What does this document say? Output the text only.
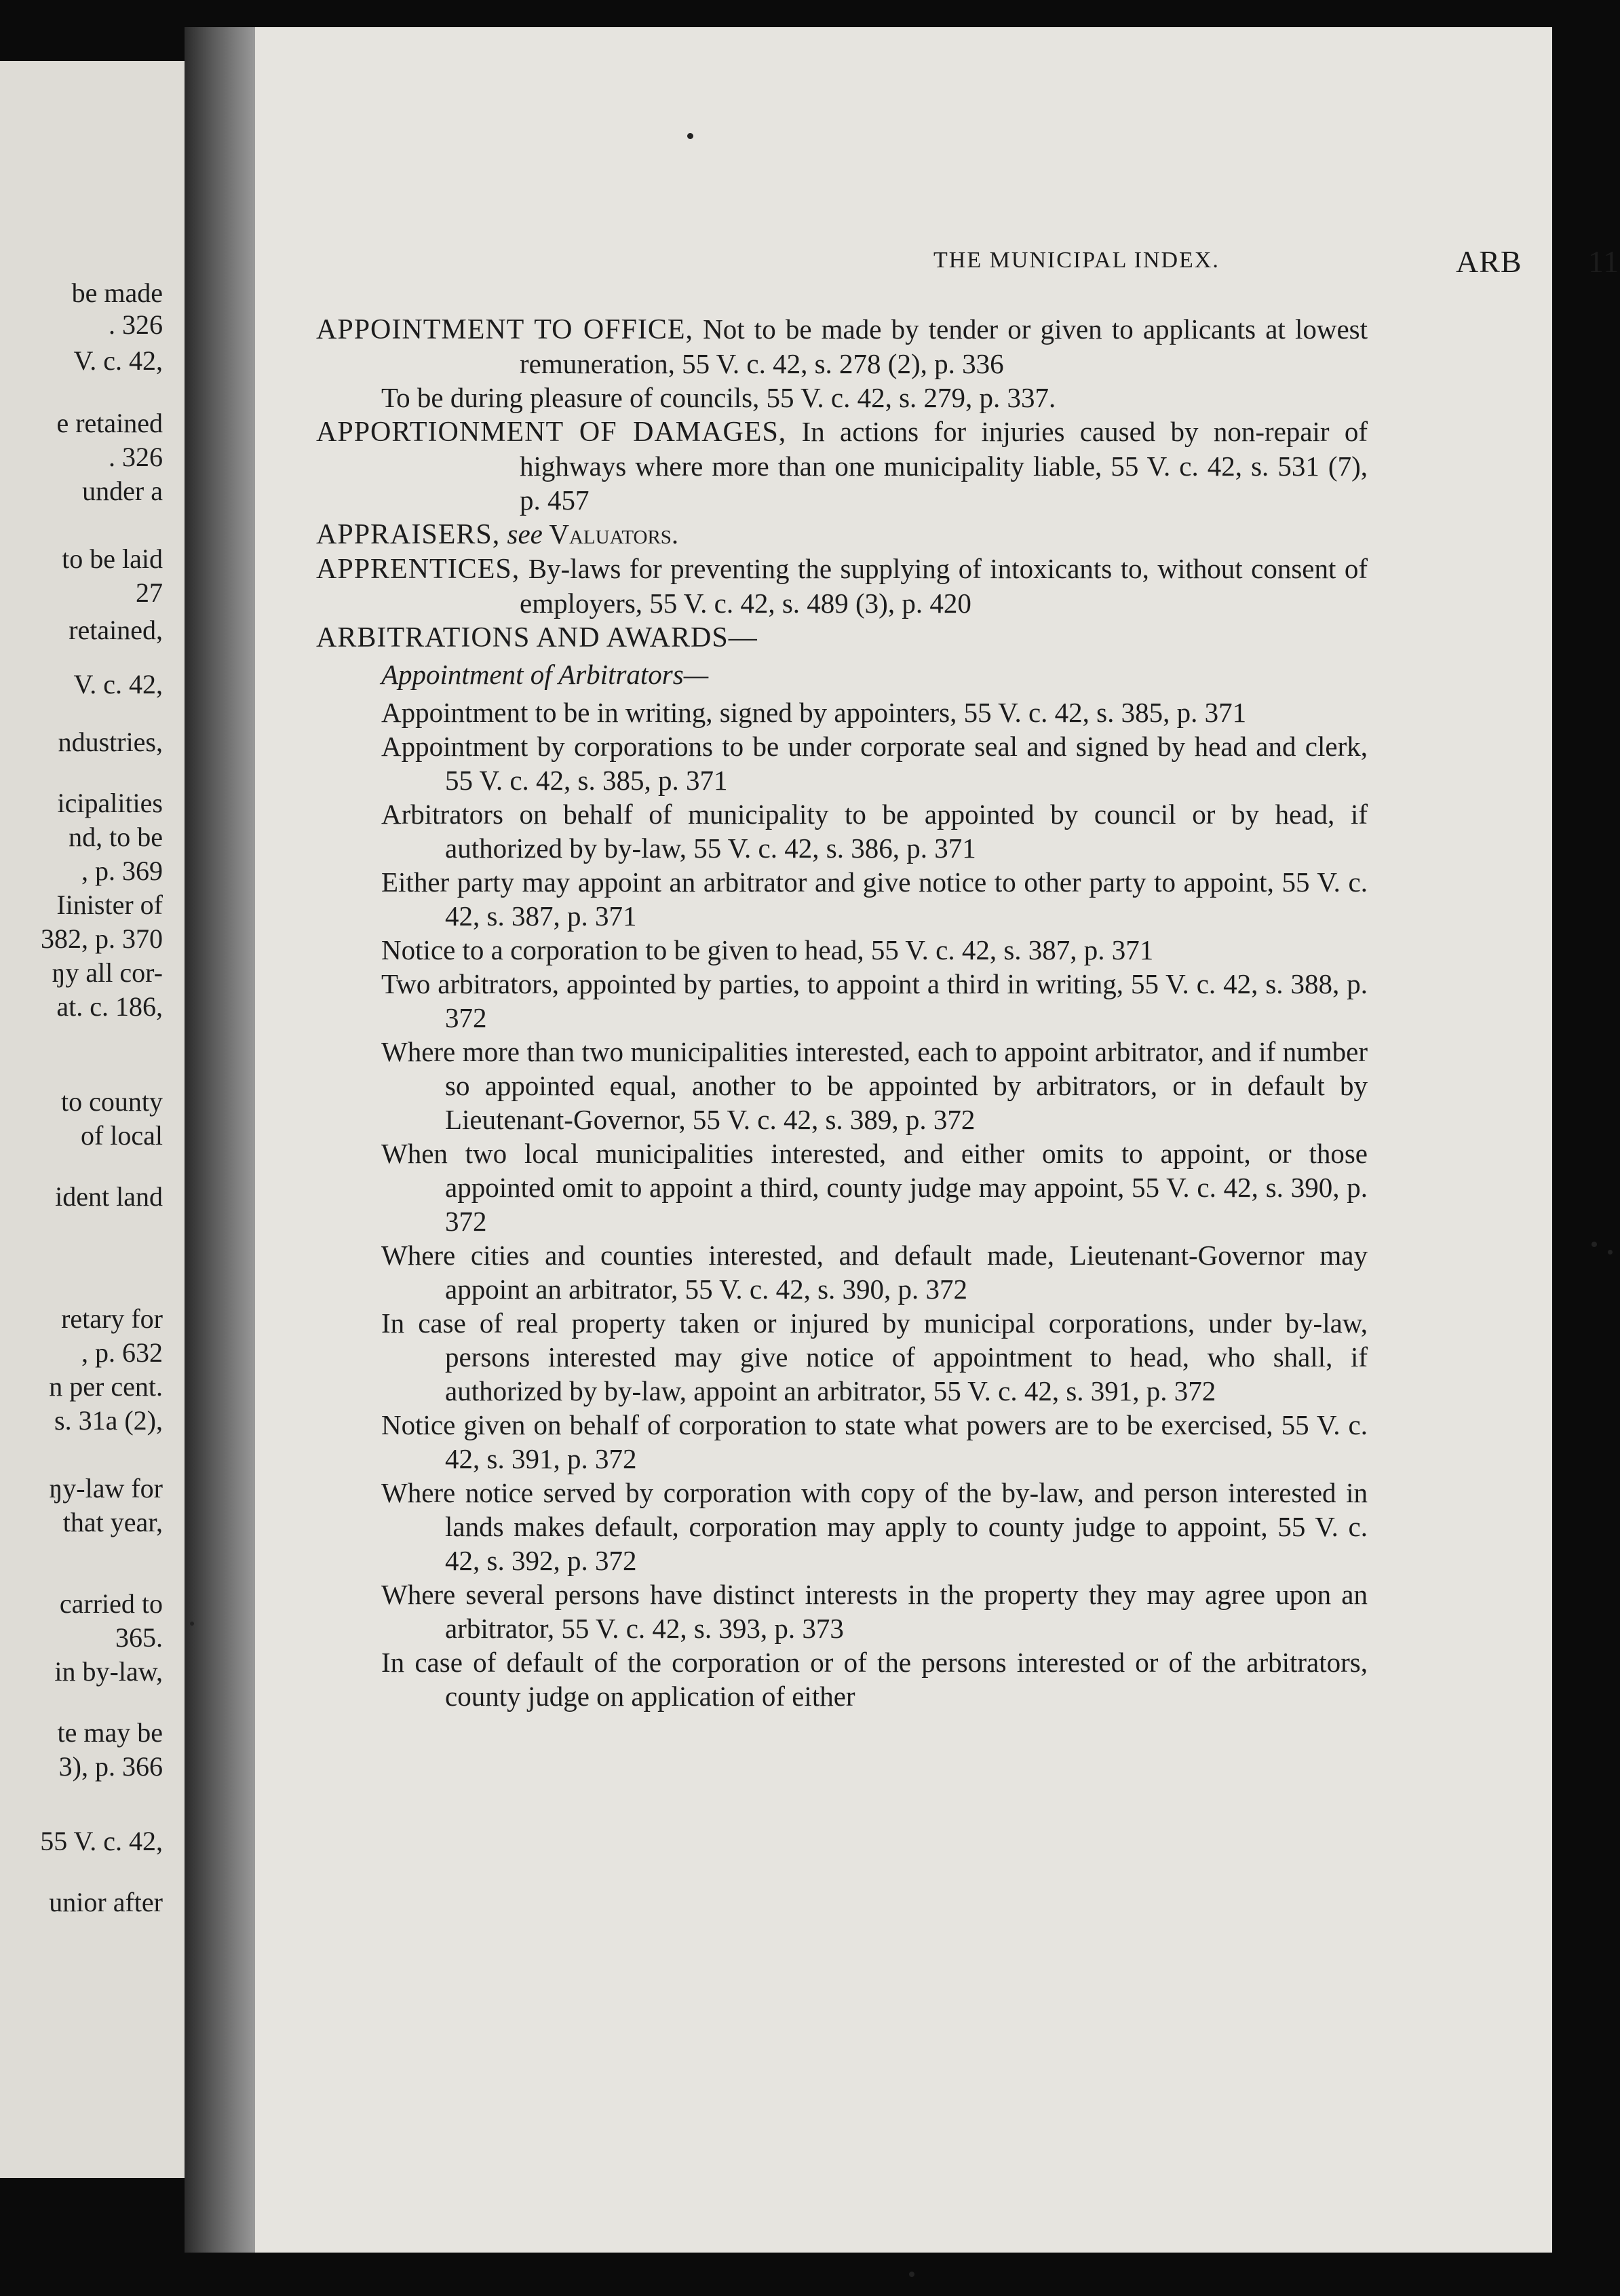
be made
. 326
V. c. 42,
e retained
. 326
under a
to be laid
27
retained,
V. c. 42,
ndustries,
icipalities
nd, to be
, p. 369
Iinister of
382, p. 370
ŋy all cor-
at. c. 186,
to county
of local
ident land
retary for
, p. 632
n per cent.
s. 31a (2),
ŋy-law for
that year,
carried to
365.
in by-law,
te may be
3), p. 366
55 V. c. 42,
unior after
THE MUNICIPAL INDEX.	ARB 11
APPOINTMENT TO OFFICE, Not to be made by tender or given to applicants at lowest remuneration, 55 V. c. 42, s. 278 (2), p. 336
To be during pleasure of councils, 55 V. c. 42, s. 279, p. 337.
APPORTIONMENT OF DAMAGES, In actions for injuries caused by non-repair of highways where more than one municipality liable, 55 V. c. 42, s. 531 (7), p. 457
APPRAISERS, see Valuators.
APPRENTICES, By-laws for preventing the supplying of intoxicants to, without consent of employers, 55 V. c. 42, s. 489 (3), p. 420
ARBITRATIONS AND AWARDS—
Appointment of Arbitrators—
Appointment to be in writing, signed by appointers, 55 V. c. 42, s. 385, p. 371
Appointment by corporations to be under corporate seal and signed by head and clerk, 55 V. c. 42, s. 385, p. 371
Arbitrators on behalf of municipality to be appointed by council or by head, if authorized by by-law, 55 V. c. 42, s. 386, p. 371
Either party may appoint an arbitrator and give notice to other party to appoint, 55 V. c. 42, s. 387, p. 371
Notice to a corporation to be given to head, 55 V. c. 42, s. 387, p. 371
Two arbitrators, appointed by parties, to appoint a third in writing, 55 V. c. 42, s. 388, p. 372
Where more than two municipalities interested, each to appoint arbitrator, and if number so appointed equal, another to be appointed by arbitrators, or in default by Lieutenant-Governor, 55 V. c. 42, s. 389, p. 372
When two local municipalities interested, and either omits to appoint, or those appointed omit to appoint a third, county judge may appoint, 55 V. c. 42, s. 390, p. 372
Where cities and counties interested, and default made, Lieutenant-Governor may appoint an arbitrator, 55 V. c. 42, s. 390, p. 372
In case of real property taken or injured by municipal corporations, under by-law, persons interested may give notice of appointment to head, who shall, if authorized by by-law, appoint an arbitrator, 55 V. c. 42, s. 391, p. 372
Notice given on behalf of corporation to state what powers are to be exercised, 55 V. c. 42, s. 391, p. 372
Where notice served by corporation with copy of the by-law, and person interested in lands makes default, corporation may apply to county judge to appoint, 55 V. c. 42, s. 392, p. 372
Where several persons have distinct interests in the property they may agree upon an arbitrator, 55 V. c. 42, s. 393, p. 373
In case of default of the corporation or of the persons interested or of the arbitrators, county judge on application of either
